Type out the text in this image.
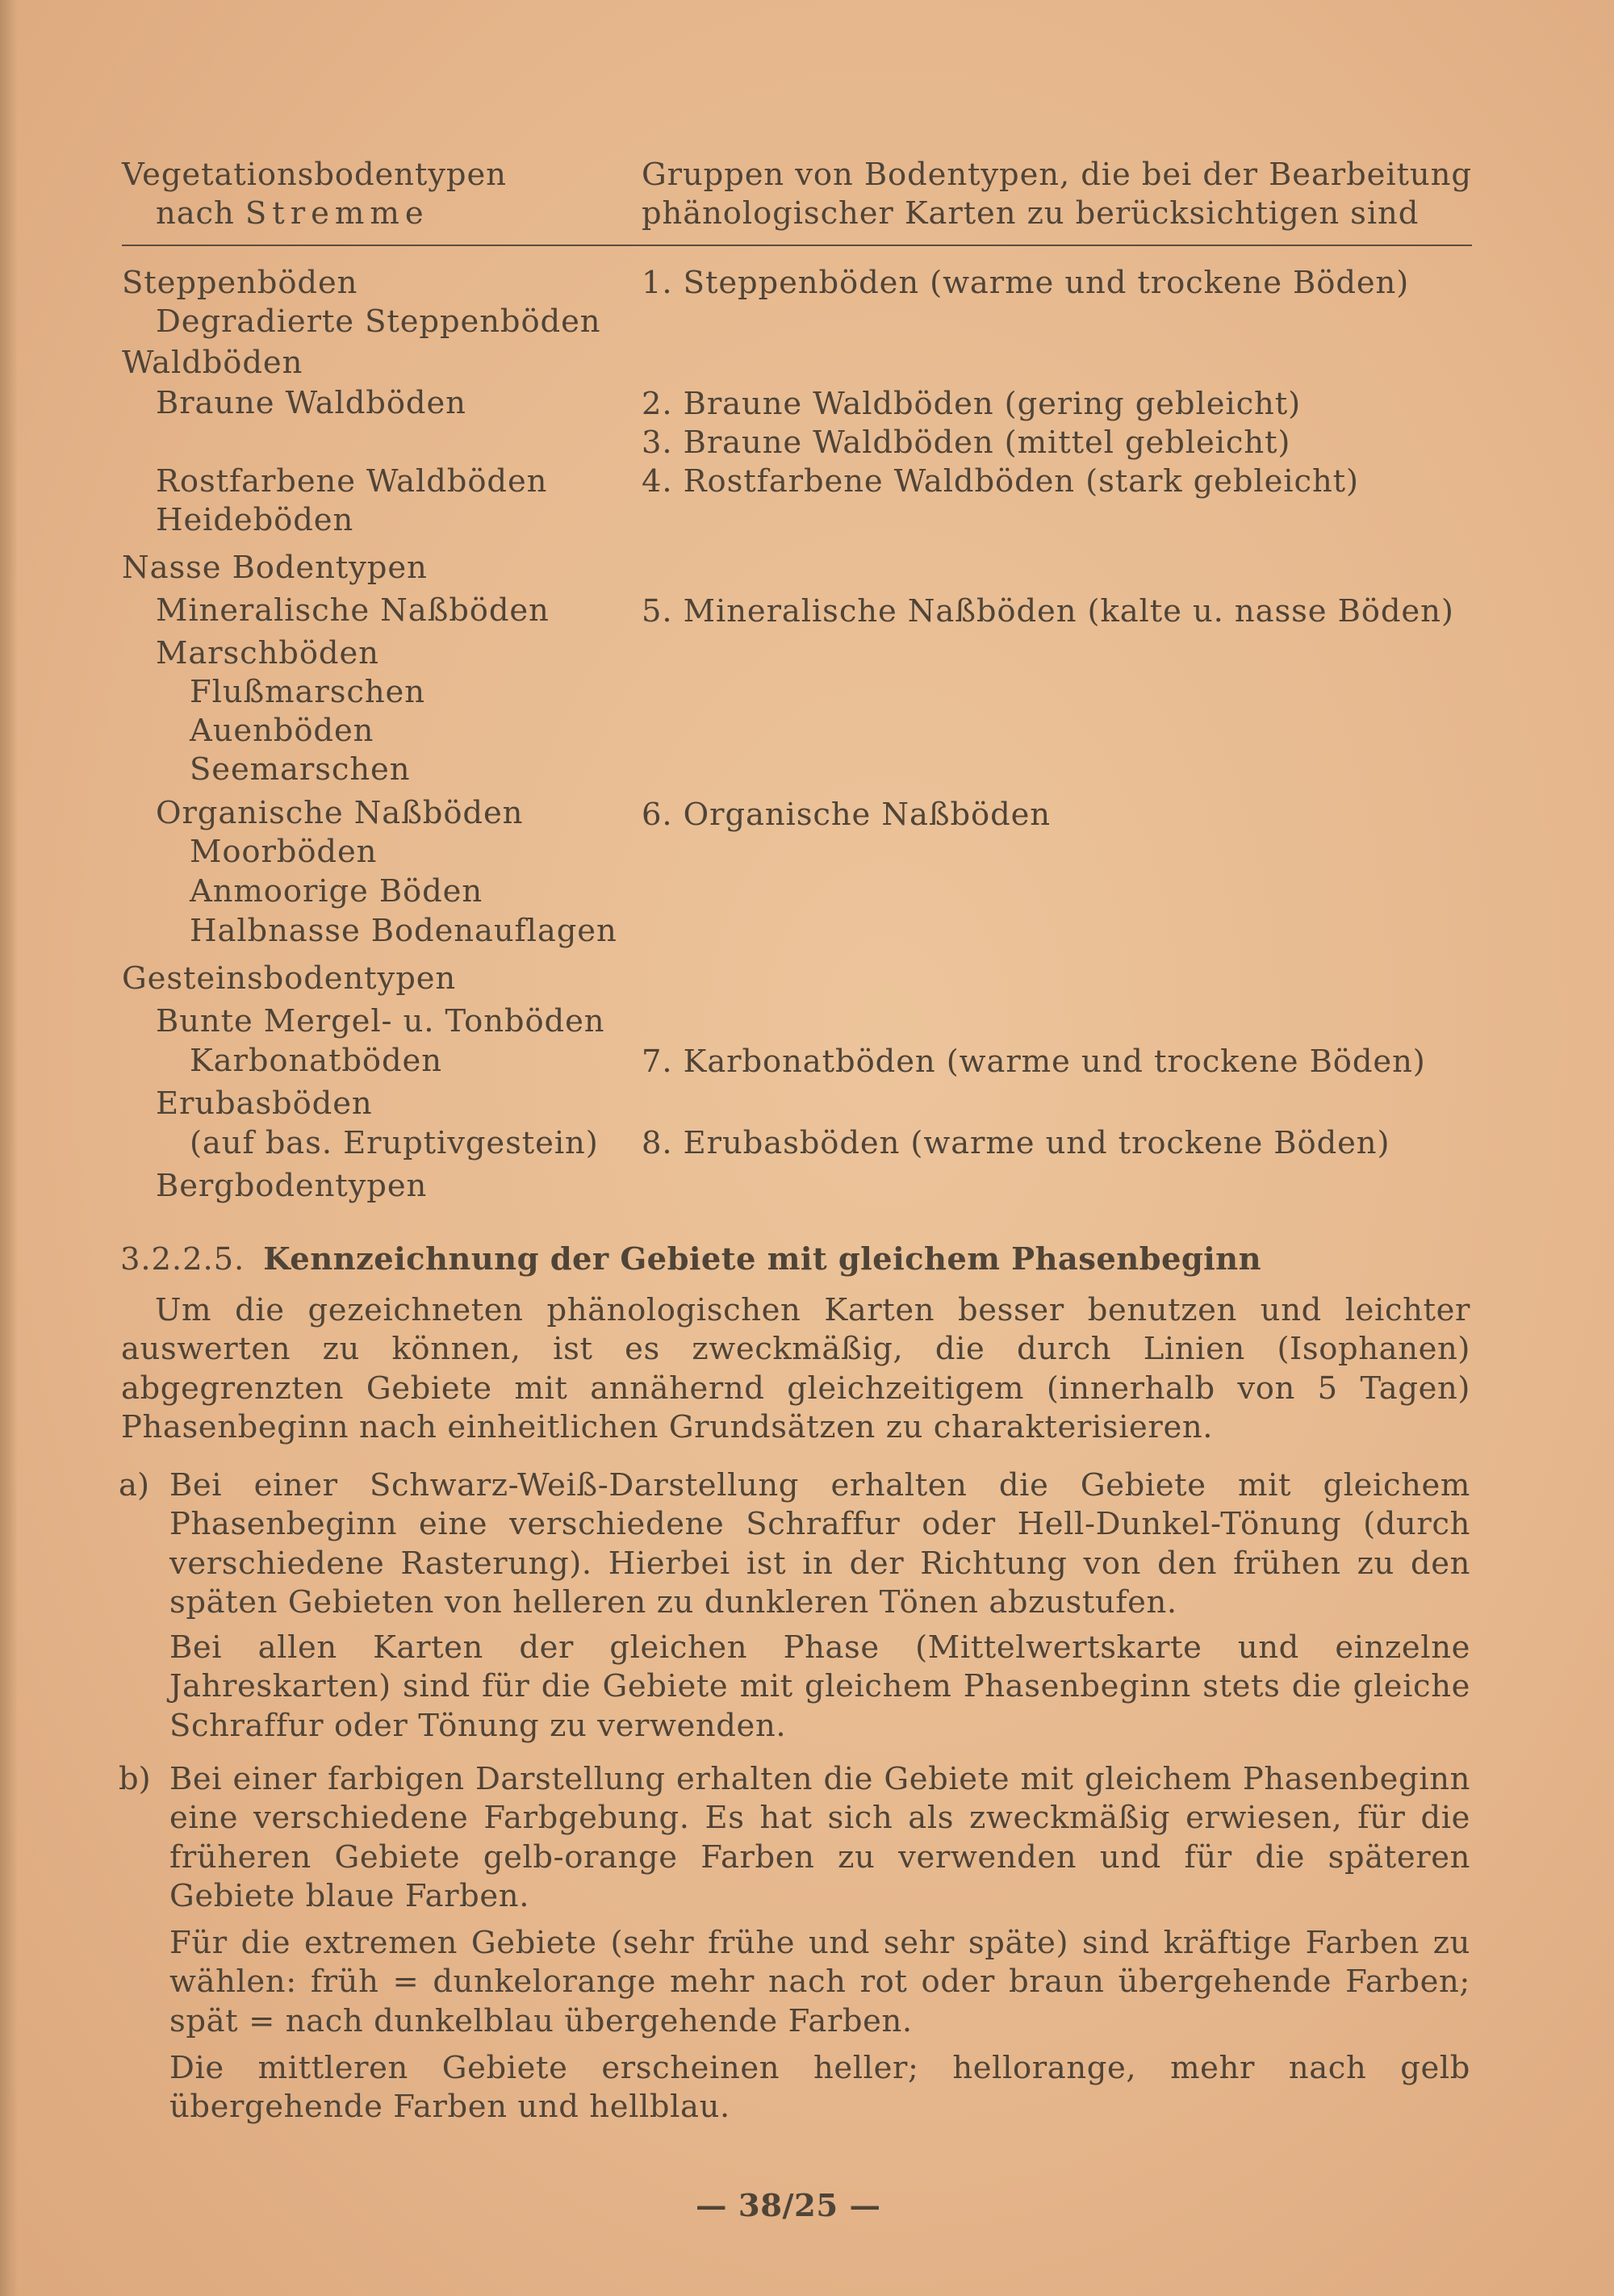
Vegetationsbodentypen
nach Stremme
Gruppen von Bodentypen, die bei der Bearbeitung
phänologischer Karten zu berücksichtigen sind
Steppenböden
Degradierte Steppenböden
Waldböden
Braune Waldböden
Rostfarbene Waldböden
Heideböden
Nasse Bodentypen
Mineralische Naßböden
Marschböden
Flußmarschen
Auenböden
Seemarschen
Organische Naßböden
Moorböden
Anmoorige Böden
Halbnasse Bodenauflagen
Gesteinsbodentypen
Bunte Mergel- u. Tonböden
Karbonatböden
Erubasböden
(auf bas. Eruptivgestein)
Bergbodentypen
1. Steppenböden (warme und trockene Böden)
2. Braune Waldböden (gering gebleicht)
3. Braune Waldböden (mittel gebleicht)
4. Rostfarbene Waldböden (stark gebleicht)
5. Mineralische Naßböden (kalte u. nasse Böden)
6. Organische Naßböden
7. Karbonatböden (warme und trockene Böden)
8. Erubasböden (warme und trockene Böden)
3.2.2.5. Kennzeichnung der Gebiete mit gleichem Phasenbeginn
Um die gezeichneten phänologischen Karten besser benutzen und leichter auswerten zu können, ist es zweckmäßig, die durch Linien (Isophanen) abgegrenzten Gebiete mit annähernd gleichzeitigem (innerhalb von 5 Tagen) Phasenbeginn nach einheitlichen Grundsätzen zu charakterisieren.
a) Bei einer Schwarz-Weiß-Darstellung erhalten die Gebiete mit gleichem Phasenbeginn eine verschiedene Schraffur oder Hell-Dunkel-Tönung (durch verschiedene Rasterung). Hierbei ist in der Richtung von den frühen zu den späten Gebieten von helleren zu dunkleren Tönen abzustufen.
Bei allen Karten der gleichen Phase (Mittelwertskarte und einzelne Jahreskarten) sind für die Gebiete mit gleichem Phasenbeginn stets die gleiche Schraffur oder Tönung zu verwenden.
b) Bei einer farbigen Darstellung erhalten die Gebiete mit gleichem Phasenbeginn eine verschiedene Farbgebung. Es hat sich als zweckmäßig erwiesen, für die früheren Gebiete gelb-orange Farben zu verwenden und für die späteren Gebiete blaue Farben.
Für die extremen Gebiete (sehr frühe und sehr späte) sind kräftige Farben zu wählen: früh = dunkelorange mehr nach rot oder braun übergehende Farben; spät = nach dunkelblau übergehende Farben.
Die mittleren Gebiete erscheinen heller; hellorange, mehr nach gelb übergehende Farben und hellblau.
— 38/25 —
